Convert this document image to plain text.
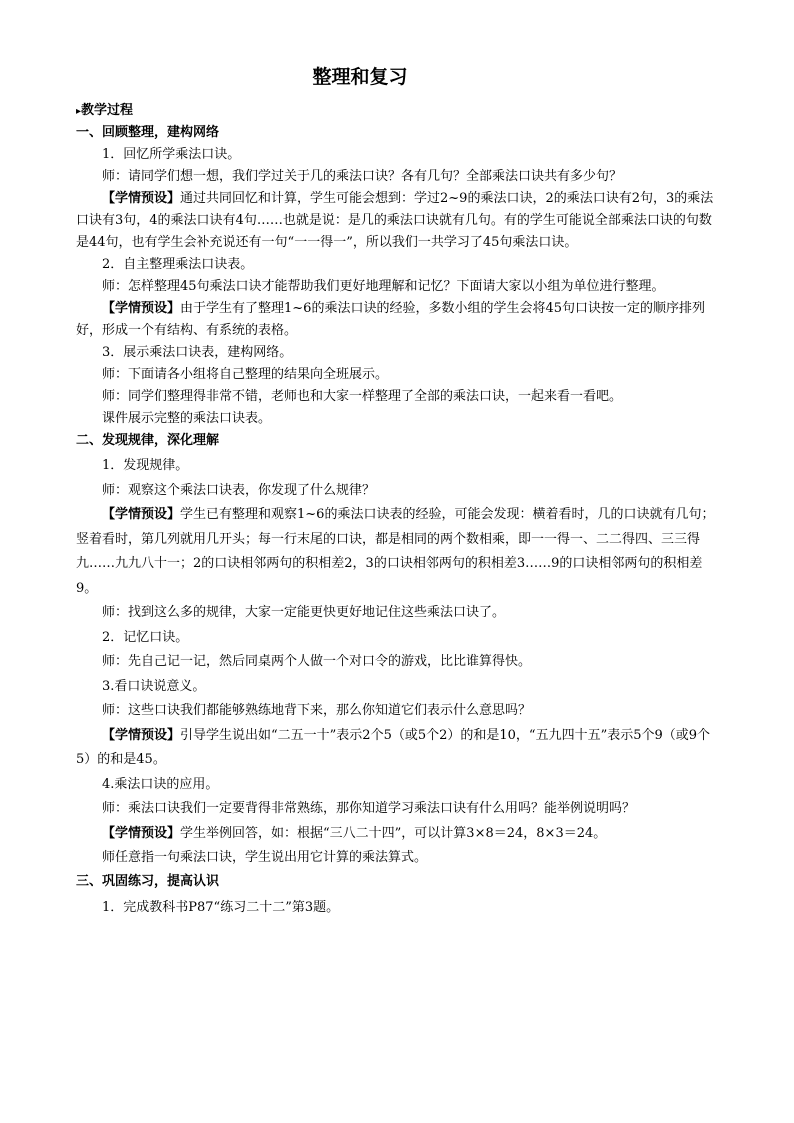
整理和复习
▸教学过程
一、回顾整理，建构网络

1．回忆所学乘法口诀。

师：请同学们想一想，我们学过关于几的乘法口诀？各有几句？全部乘法口诀共有多少句？

【学情预设】通过共同回忆和计算，学生可能会想到：学过2~9的乘法口诀，2的乘法口诀有2句，3的乘法口诀有3句，4的乘法口诀有4句……也就是说：是几的乘法口诀就有几句。有的学生可能说全部乘法口诀的句数是44句，也有学生会补充说还有一句“一一得一”，所以我们一共学习了45句乘法口诀。

2．自主整理乘法口诀表。

师：怎样整理45句乘法口诀才能帮助我们更好地理解和记忆？下面请大家以小组为单位进行整理。

【学情预设】由于学生有了整理1~6的乘法口诀的经验，多数小组的学生会将45句口诀按一定的顺序排列好，形成一个有结构、有系统的表格。

3．展示乘法口诀表，建构网络。

师：下面请各小组将自己整理的结果向全班展示。

师：同学们整理得非常不错，老师也和大家一样整理了全部的乘法口诀，一起来看一看吧。

课件展示完整的乘法口诀表。

二、发现规律，深化理解

1．发现规律。

师：观察这个乘法口诀表，你发现了什么规律？

【学情预设】学生已有整理和观察1~6的乘法口诀表的经验，可能会发现：横着看时，几的口诀就有几句；竖着看时，第几列就用几开头；每一行末尾的口诀，都是相同的两个数相乘，即一一得一、二二得四、三三得九……九九八十一；2的口诀相邻两句的积相差2，3的口诀相邻两句的积相差3……9的口诀相邻两句的积相差9。

师：找到这么多的规律，大家一定能更快更好地记住这些乘法口诀了。

2．记忆口诀。

师：先自己记一记，然后同桌两个人做一个对口令的游戏，比比谁算得快。

3.看口诀说意义。

师：这些口诀我们都能够熟练地背下来，那么你知道它们表示什么意思吗？

【学情预设】引导学生说出如“二五一十”表示2个5（或5个2）的和是10，“五九四十五”表示5个9（或9个5）的和是45。

4.乘法口诀的应用。

师：乘法口诀我们一定要背得非常熟练，那你知道学习乘法口诀有什么用吗？能举例说明吗？

【学情预设】学生举例回答，如：根据“三八二十四”，可以计算3×8＝24，8×3＝24。

师任意指一句乘法口诀，学生说出用它计算的乘法算式。

三、巩固练习，提高认识

1．完成教科书P87“练习二十二”第3题。
